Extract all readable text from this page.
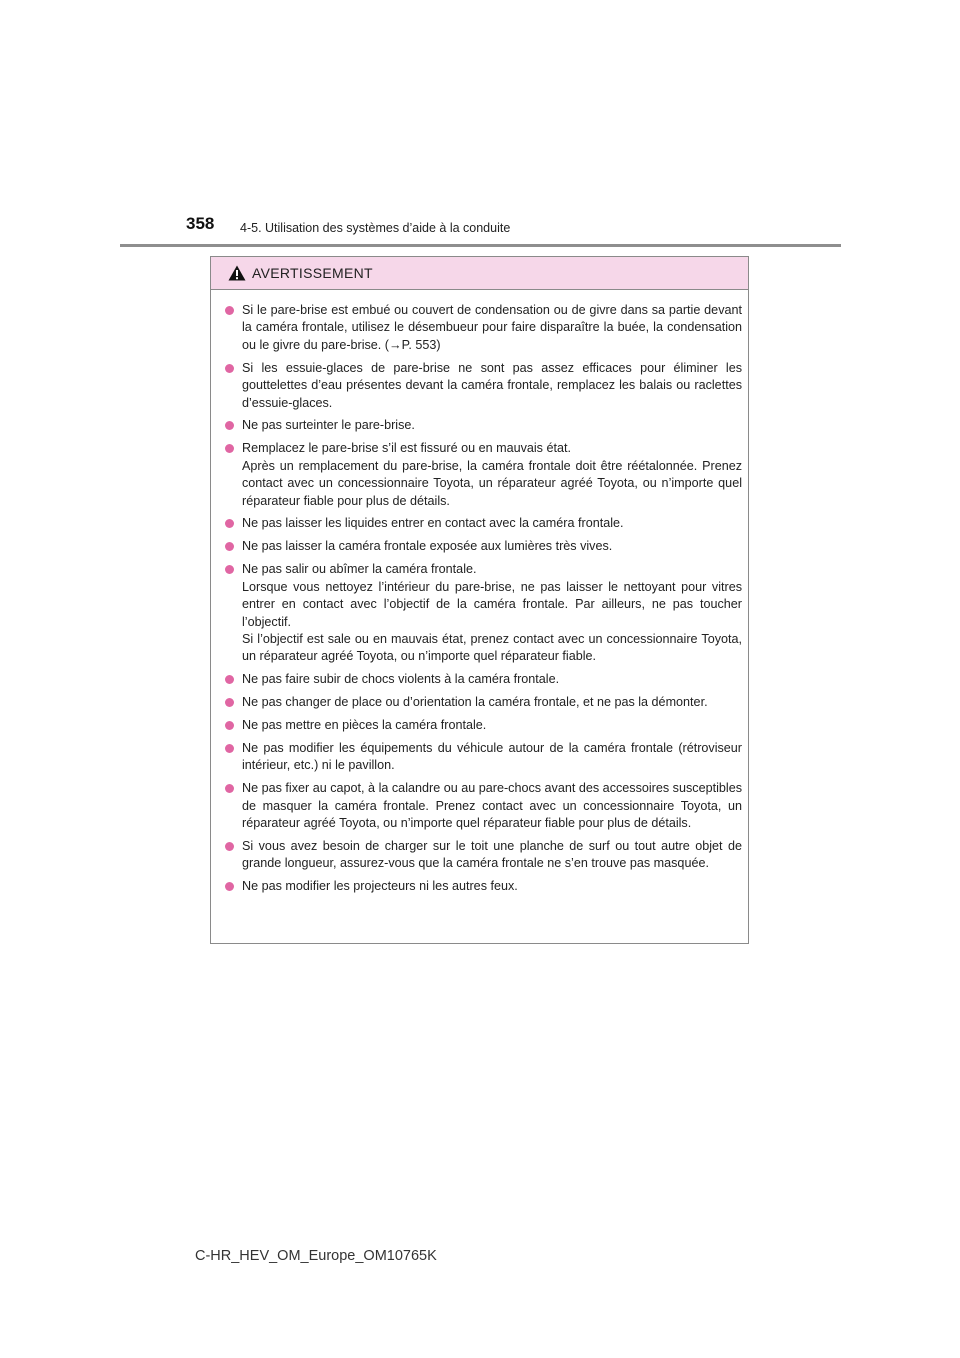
358 4-5. Utilisation des systèmes d’aide à la conduite
AVERTISSEMENT
Si le pare-brise est embué ou couvert de condensation ou de givre dans sa partie devant la caméra frontale, utilisez le désembueur pour faire disparaître la buée, la condensation ou le givre du pare-brise. (→P. 553)
Si les essuie-glaces de pare-brise ne sont pas assez efficaces pour éliminer les gouttelettes d’eau présentes devant la caméra frontale, remplacez les balais ou raclettes d’essuie-glaces.
Ne pas surteinter le pare-brise.
Remplacez le pare-brise s’il est fissuré ou en mauvais état.
Après un remplacement du pare-brise, la caméra frontale doit être réétalonnée. Prenez contact avec un concessionnaire Toyota, un réparateur agréé Toyota, ou n’importe quel réparateur fiable pour plus de détails.
Ne pas laisser les liquides entrer en contact avec la caméra frontale.
Ne pas laisser la caméra frontale exposée aux lumières très vives.
Ne pas salir ou abîmer la caméra frontale.
Lorsque vous nettoyez l’intérieur du pare-brise, ne pas laisser le nettoyant pour vitres entrer en contact avec l’objectif de la caméra frontale. Par ailleurs, ne pas toucher l’objectif.
Si l’objectif est sale ou en mauvais état, prenez contact avec un concessionnaire Toyota, un réparateur agréé Toyota, ou n’importe quel réparateur fiable.
Ne pas faire subir de chocs violents à la caméra frontale.
Ne pas changer de place ou d’orientation la caméra frontale, et ne pas la démonter.
Ne pas mettre en pièces la caméra frontale.
Ne pas modifier les équipements du véhicule autour de la caméra frontale (rétroviseur intérieur, etc.) ni le pavillon.
Ne pas fixer au capot, à la calandre ou au pare-chocs avant des accessoires susceptibles de masquer la caméra frontale. Prenez contact avec un concessionnaire Toyota, un réparateur agréé Toyota, ou n’importe quel réparateur fiable pour plus de détails.
Si vous avez besoin de charger sur le toit une planche de surf ou tout autre objet de grande longueur, assurez-vous que la caméra frontale ne s’en trouve pas masquée.
Ne pas modifier les projecteurs ni les autres feux.
C-HR_HEV_OM_Europe_OM10765K
